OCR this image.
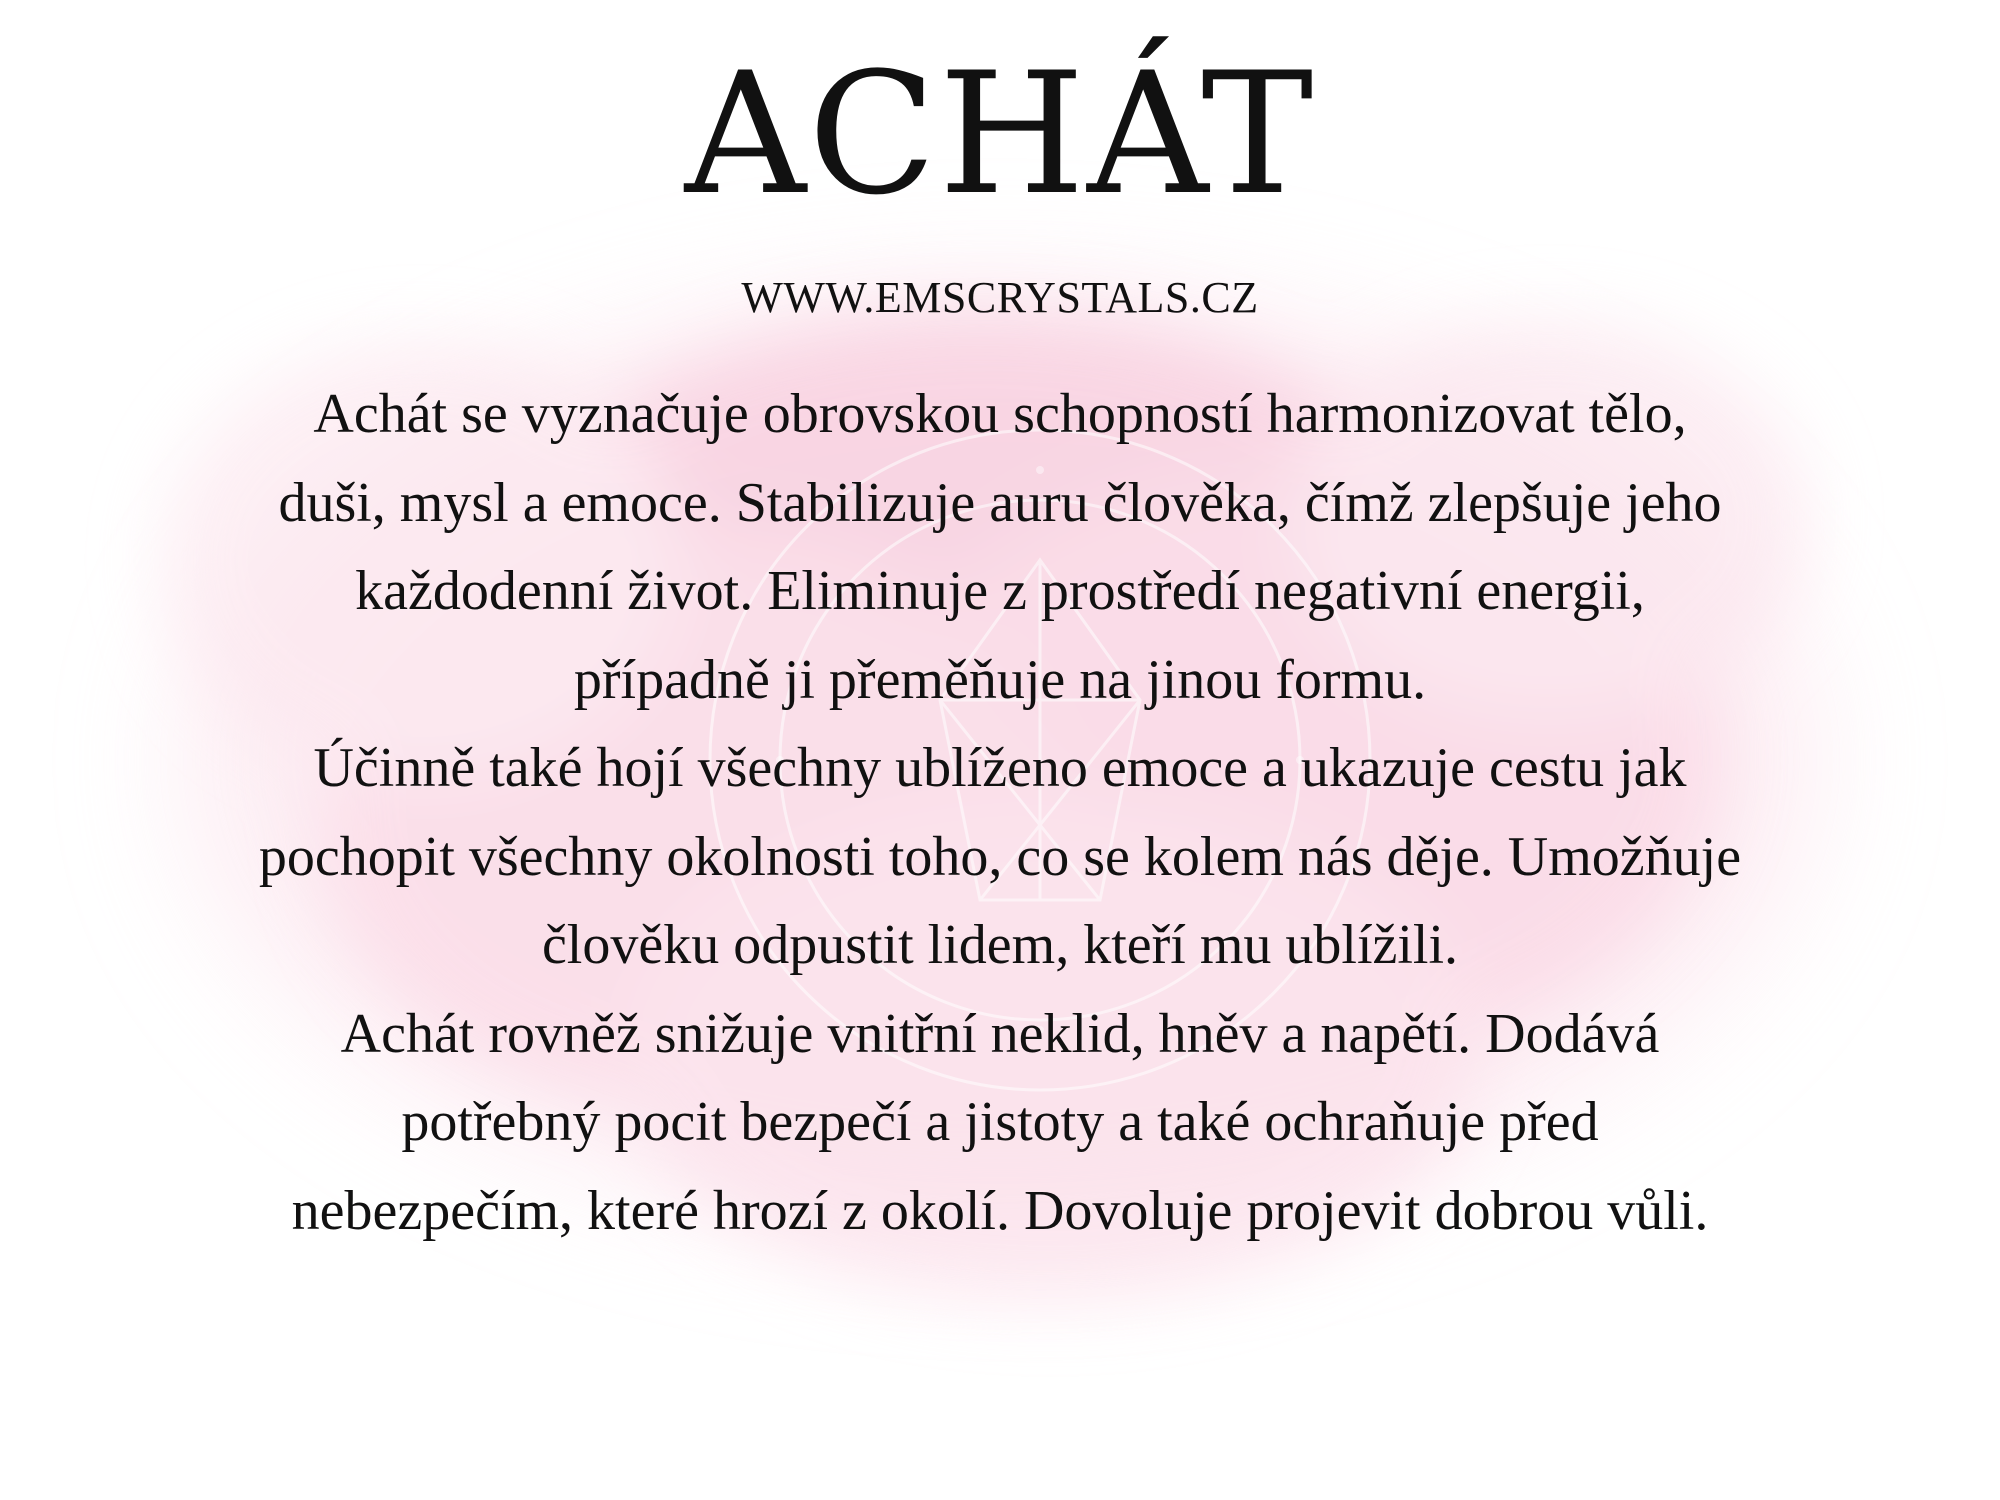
ACHÁT
WWW.EMSCRYSTALS.CZ
Achát se vyznačuje obrovskou schopností harmonizovat tělo,
duši, mysl a emoce. Stabilizuje auru člověka, čímž zlepšuje jeho
každodenní život. Eliminuje z prostředí negativní energii,
případně ji přeměňuje na jinou formu.
Účinně také hojí všechny ublíženo emoce a ukazuje cestu jak
pochopit všechny okolnosti toho, co se kolem nás děje. Umožňuje
člověku odpustit lidem, kteří mu ublížili.
Achát rovněž snižuje vnitřní neklid, hněv a napětí. Dodává
potřebný pocit bezpečí a jistoty a také ochraňuje před
nebezpečím, které hrozí z okolí. Dovoluje projevit dobrou vůli.
